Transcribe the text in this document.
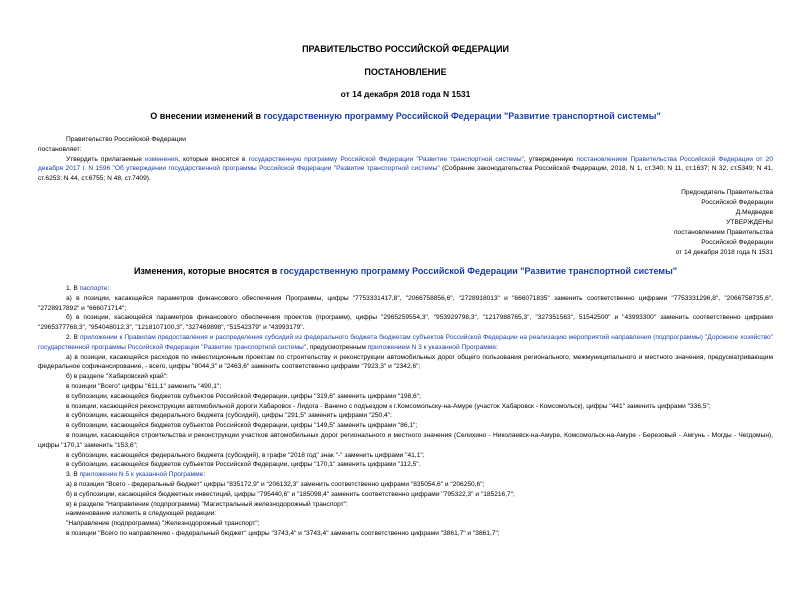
ПРАВИТЕЛЬСТВО РОССИЙСКОЙ ФЕДЕРАЦИИ
ПОСТАНОВЛЕНИЕ
от 14 декабря 2018 года N 1531
О внесении изменений в государственную программу Российской Федерации "Развитие транспортной системы"

Правительство Российской Федерации

постановляет:

Утвердить прилагаемые изменения, которые вносятся в государственную программу Российской Федерации "Развитие транспортной системы", утвержденную постановлением Правительства Российской Федерации от 20 декабря 2017 г. N 1596 "Об утверждении государственной программы Российской Федерации "Развитие транспортной системы" (Собрание законодательства Российской Федерации, 2018, N 1, ст.340; N 11, ст.1637; N 32, ст.5349; N 41, ст.6253; N 44, ст.6755; N 48, ст.7409).

Председатель Правительства

Российской Федерации

Д.Медведев

УТВЕРЖДЕНЫ

постановлением Правительства

Российской Федерации

от 14 декабря 2018 года N 1531

Изменения, которые вносятся в государственную программу Российской Федерации "Развитие транспортной системы"

1. В паспорте:

а) в позиции, касающейся параметров финансового обеспечения Программы, цифры "7753331417,8", "2066758856,6", "2728918013" и "666071835" заменить соответственно цифрами "7753331296,8", "2066758735,6", "2728917892" и "666071714";

б) в позиции, касающейся параметров финансового обеспечения проектов (программ), цифры "2965259554,3", "953929798,3", "1217988765,3", "327351563", 51542500" и "43993300" заменить соответственно цифрами "2965377768,3", "954048012,3", "1218107100,3", "327469898", "51542379" и "43993179".

2. В приложении к Правилам предоставления и распределения субсидий из федерального бюджета бюджетам субъектов Российской Федерации на реализацию мероприятий направления (подпрограммы) "Дорожное хозяйство" государственной программы Российской Федерации "Развитие транспортной системы", предусмотренным приложением N 3 к указанной Программе:

а) в позиции, касающейся расходов по инвестиционным проектам по строительству и реконструкции автомобильных дорог общего пользования регионального, межмуниципального и местного значения, предусматривающим федеральное софинансирование, - всего, цифры "8044,3" и "2463,6" заменить соответственно цифрами "7923,3" и "2342,6";

б) в разделе "Хабаровский край":

в позиции "Всего" цифры "611,1" заменить "490,1";

в субпозиции, касающейся бюджетов субъектов Российской Федерации, цифры "319,6" заменить цифрами "198,6";

в позиции, касающейся реконструкции автомобильной дороги Хабаровск - Лидога - Ванино с подъездом к г.Комсомольску-на-Амуре (участок Хабаровск - Комсомольск), цифры "441" заменить цифрами "336,5";

в субпозиции, касающейся федерального бюджета (субсидий), цифры "291,5" заменить цифрами "250,4";

в субпозиции, касающейся бюджетов субъектов Российской Федерации, цифры "149,5" заменить цифрами "86,1";

в позиции, касающейся строительства и реконструкции участков автомобильных дорог регионального и местного значения (Селихино - Николаевск-на-Амуре, Комсомольск-на-Амуре - Березовый - Амгунь - Могды - Чегдомын), цифры "170,1" заменить "153,6";

в субпозиции, касающейся федерального бюджета (субсидий), в графе "2018 год" знак "-" заменить цифрами "41,1";

в субпозиции, касающейся бюджетов субъектов Российской Федерации, цифры "170,1" заменить цифрами "112,5".

3. В приложении N 5 к указанной Программе:

а) в позиции "Всего - федеральный бюджет" цифры "835172,9" и "206132,3" заменить соответственно цифрами "835054,6" и "206250,6";

б) в субпозиции, касающейся бюджетных инвестиций, цифры "795440,6" и "185098,4" заменить соответственно цифрами "795322,3" и "185216,7";

в) в разделе "Направление (подпрограмма) "Магистральный железнодорожный транспорт":

наименование изложить в следующей редакции:

"Направление (подпрограмма) "Железнодорожный транспорт";

в позиции "Всего по направлению - федеральный бюджет" цифры "3743,4" и "3743,4" заменить соответственно цифрами "3861,7" и "3861,7";
